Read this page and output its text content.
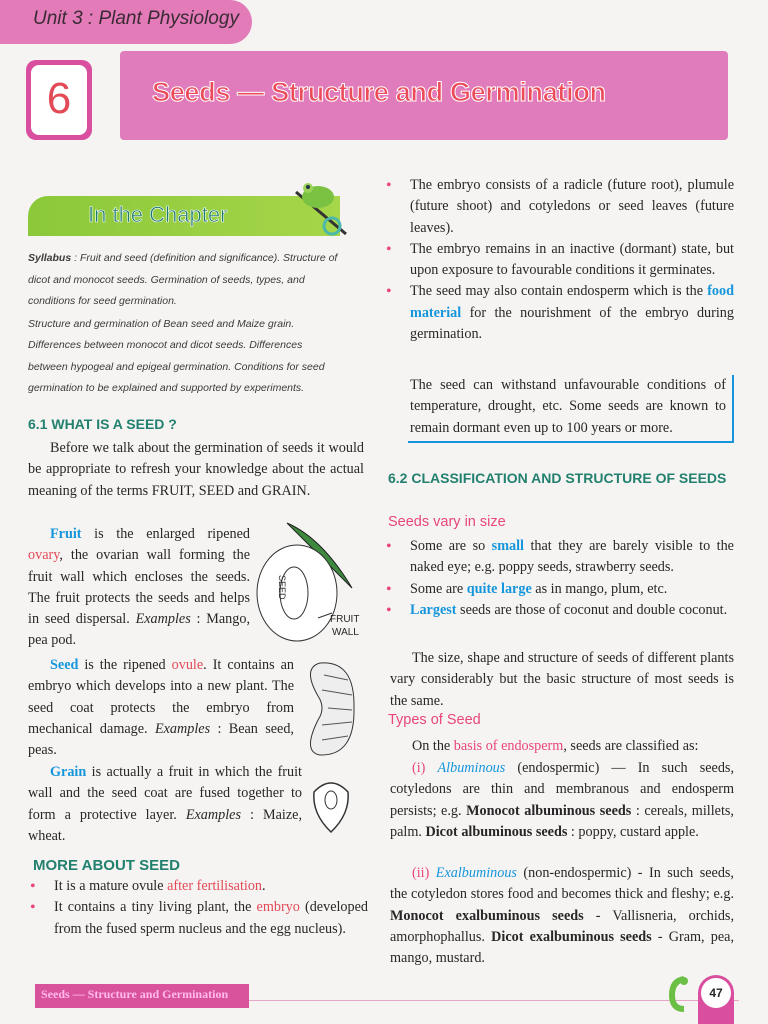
Unit 3 : Plant Physiology
6	Seeds — Structure and Germination
In the Chapter

Syllabus : Fruit and seed (definition and significance). Structure of dicot and monocot seeds. Germination of seeds, types, and conditions for seed germination.

Structure and germination of Bean seed and Maize grain. Differences between monocot and dicot seeds. Differences between hypogeal and epigeal germination. Conditions for seed germination to be explained and supported by experiments.

6.1 WHAT IS A SEED ?

Before we talk about the germination of seeds it would be appropriate to refresh your knowledge about the actual meaning of the terms FRUIT, SEED and GRAIN.

Fruit is the enlarged ripened ovary, the ovarian wall forming the fruit wall which encloses the seeds. The fruit protects the seeds and helps in seed dispersal. Examples : Mango, pea pod.

SEED
FRUIT
WALL

Seed is the ripened ovule. It contains an embryo which develops into a new plant. The seed coat protects the embryo from mechanical damage. Examples : Bean seed, peas.

Grain is actually a fruit in which the fruit wall and the seed coat are fused together to form a protective layer. Examples : Maize, wheat.

MORE ABOUT SEED
• It is a mature ovule after fertilisation.
• It contains a tiny living plant, the embryo (developed from the fused sperm nucleus and the egg nucleus).
• The embryo consists of a radicle (future root), plumule (future shoot) and cotyledons or seed leaves (future leaves).
• The embryo remains in an inactive (dormant) state, but upon exposure to favourable conditions it germinates.
• The seed may also contain endosperm which is the food material for the nourishment of the embryo during germination.

The seed can withstand unfavourable conditions of temperature, drought, etc. Some seeds are known to remain dormant even up to 100 years or more.

6.2 CLASSIFICATION AND STRUCTURE OF SEEDS
Seeds vary in size
• Some are so small that they are barely visible to the naked eye; e.g. poppy seeds, strawberry seeds.
• Some are quite large as in mango, plum, etc.
• Largest seeds are those of coconut and double coconut.

The size, shape and structure of seeds of different plants vary considerably but the basic structure of most seeds is the same.

Types of Seed

On the basis of endosperm, seeds are classified as:

(i) Albuminous (endospermic) — In such seeds, cotyledons are thin and membranous and endosperm persists; e.g. Monocot albuminous seeds : cereals, millets, palm. Dicot albuminous seeds : poppy, custard apple.

(ii) Exalbuminous (non-endospermic) - In such seeds, the cotyledon stores food and becomes thick and fleshy; e.g. Monocot exalbuminous seeds - Vallisneria, orchids, amorphophallus. Dicot exalbuminous seeds - Gram, pea, mango, mustard.

Seeds — Structure and Germination	47
